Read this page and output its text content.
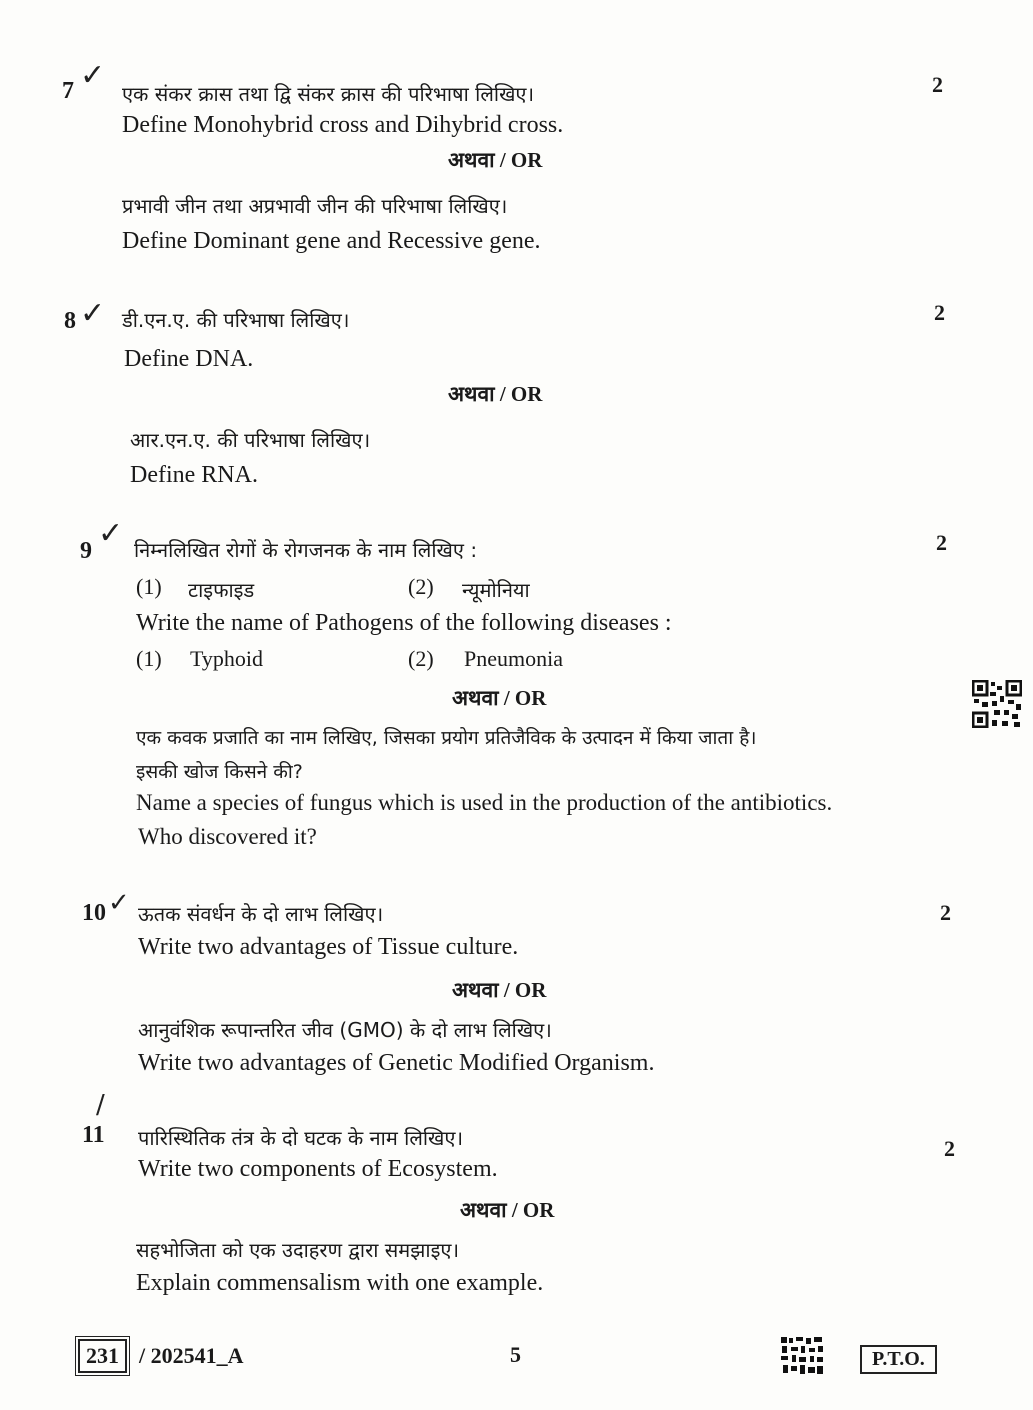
7 ✓
एक संकर क्रास तथा द्वि संकर क्रास की परिभाषा लिखिए।	2
Define Monohybrid cross and Dihybrid cross.
अथवा / OR
प्रभावी जीन तथा अप्रभावी जीन की परिभाषा लिखिए।
Define Dominant gene and Recessive gene.
8 ✓ डी.एन.ए. की परिभाषा लिखिए।	2
Define DNA.
अथवा / OR
आर.एन.ए. की परिभाषा लिखिए।
Define RNA.
9 ✓ निम्नलिखित रोगों के रोगजनक के नाम लिखिए :	2
(1) टाइफाइड	(2) न्यूमोनिया
Write the name of Pathogens of the following diseases :
(1) Typhoid	(2) Pneumonia
अथवा / OR
एक कवक प्रजाति का नाम लिखिए, जिसका प्रयोग प्रतिजैविक के उत्पादन में किया जाता है।
इसकी खोज किसने की?
Name a species of fungus which is used in the production of the antibiotics.
Who discovered it?
10 ✓ ऊतक संवर्धन के दो लाभ लिखिए।	2
Write two advantages of Tissue culture.
अथवा / OR
आनुवंशिक रूपान्तरित जीव (GMO) के दो लाभ लिखिए।
Write two advantages of Genetic Modified Organism.
11
/
पारिस्थितिक तंत्र के दो घटक के नाम लिखिए।	2
Write two components of Ecosystem.
अथवा / OR
सहभोजिता को एक उदाहरण द्वारा समझाइए।
Explain commensalism with one example.
231 / 202541_A	5	P.T.O.
